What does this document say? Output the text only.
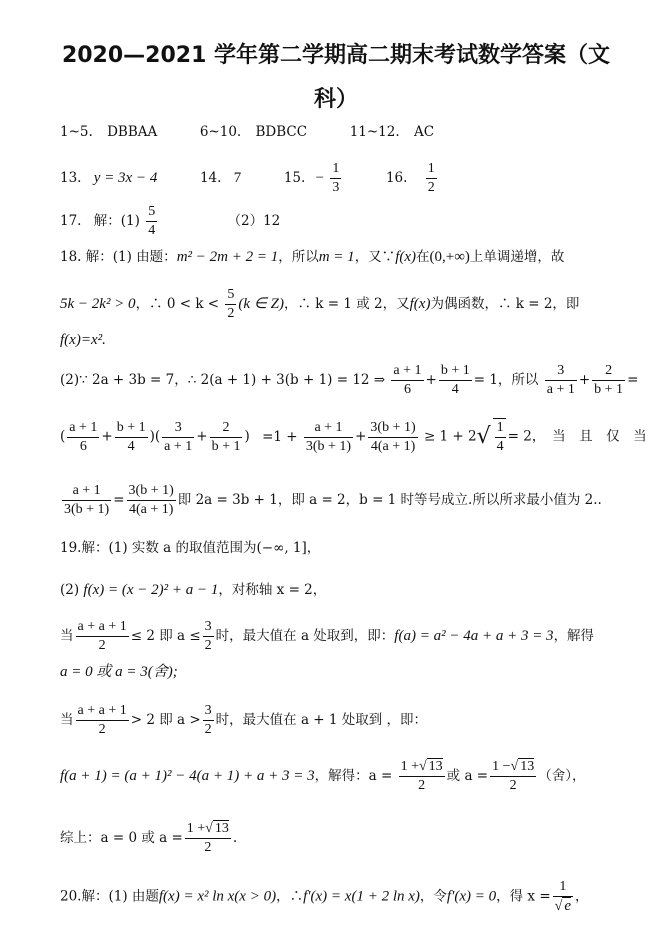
2020—2021 学年第二学期高二期末考试数学答案（文
科）
1~5. DBBAA	6~10. BDBCC	11~12. AC
13. y = 3x − 4	14. 7	15. − $\frac{1}{3}$	16. $\frac{1}{2}$
17. 解：$(1) \frac{5}{4}$	（2）12
18. 解：(1) 由题：m² − 2m + 2 = 1，所以m = 1，又∵f(x)在(0,+∞)上单调递增，故
5k − 2k² > 0，∴ $0 < k < \frac{5}{2} (k$ ∈ Z)，∴ k = 1 或 2，又f(x)为偶函数，∴ k = 2，即
f(x)=x².
(2)∵ 2a + 3b = 7，∴ 2(a + 1) + 3(b + 1) = 12 ⇒ $\frac{a + 1}{6} + \frac{b + 1}{4} = 1$，所以 $\frac{3}{a + 1} + \frac{2}{b + 1}$ =
( $\frac{a + 1}{6} + \frac{b + 1}{4}$ )( $\frac{3}{a + 1} + \frac{2}{b + 1}$ ) $=1 + \frac{a + 1}{3(b + 1)} + \frac{3(b + 1)}{4(a + 1)} \ge 1 + 2√ \frac{1}{4} = 2$，　当　且　仅　当
$\frac{a + 1}{3(b + 1)} = \frac{3(b + 1)}{4(a + 1)}$ 即 2a = 3b + 1，即 a = 2，b = 1 时等号成立.所以所求最小值为 2..
19.解：(1) 实数 a 的取值范围为(−∞, 1]，
(2) f(x) = (x − 2)² + a − 1，对称轴 x = 2，
当 $\frac{a + a + 1}{2} \le 2$ 即 $a \le \frac{3}{2}$ 时，最大值在 a 处取到，即：f(a) = a² − 4a + a + 3 = 3，解得
a = 0 或 a = 3(舍);
当 $\frac{a + a + 1}{2} > 2$ 即 $a > \frac{3}{2}$ 时，最大值在 a + 1 处取到 ，即：
f(a + 1) = (a + 1)² − 4(a + 1) + a + 3 = 3，解得：$a = \frac{1 +√ 13}{2}$ 或 $a = \frac{1 -√ 13}{2}$ （舍），
综上：a = 0 或 $a = \frac{1 +√ 13}{2}$ .
20.解：(1) 由题f(x) = x² ln x(x > 0)，∴f′(x) = x(1 + 2 ln x)，令f′(x) = 0，得 $x = \frac{1}{√ e}$ ，
